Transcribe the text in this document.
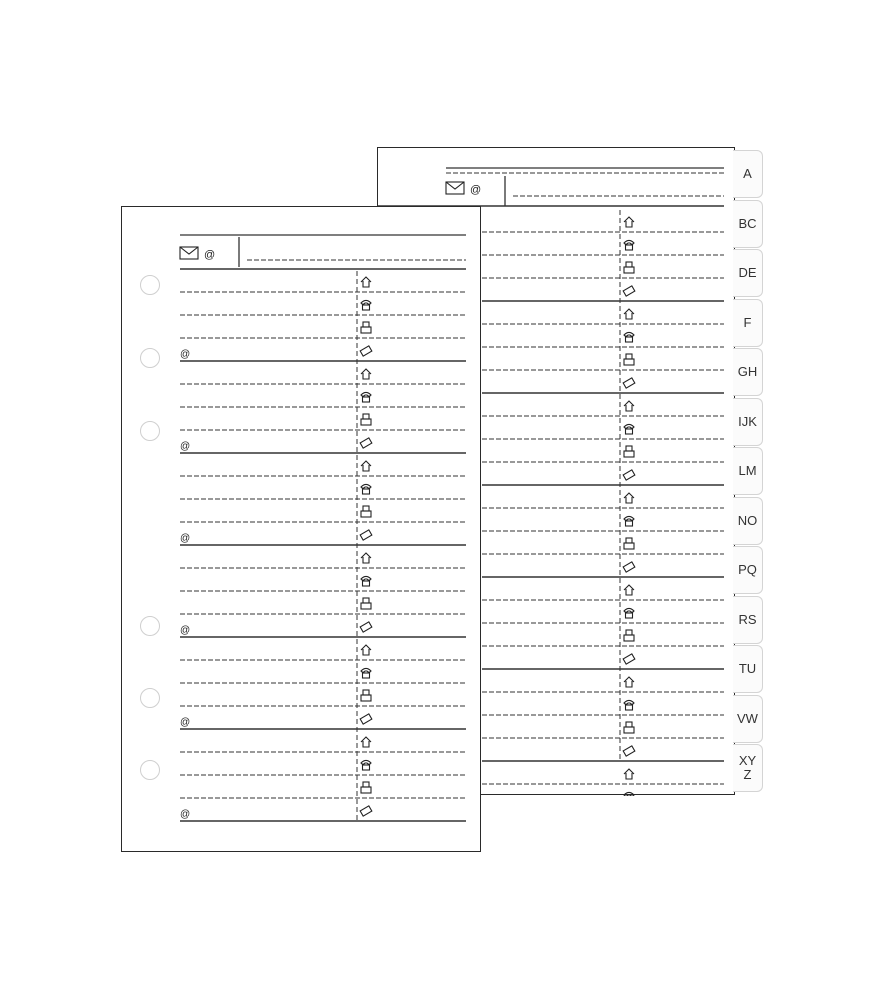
@
A
BC
DE
F
GH
IJK
LM
NO
PQ
RS
TU
VW
XY
Z
@
@
@
@
@
@
@
